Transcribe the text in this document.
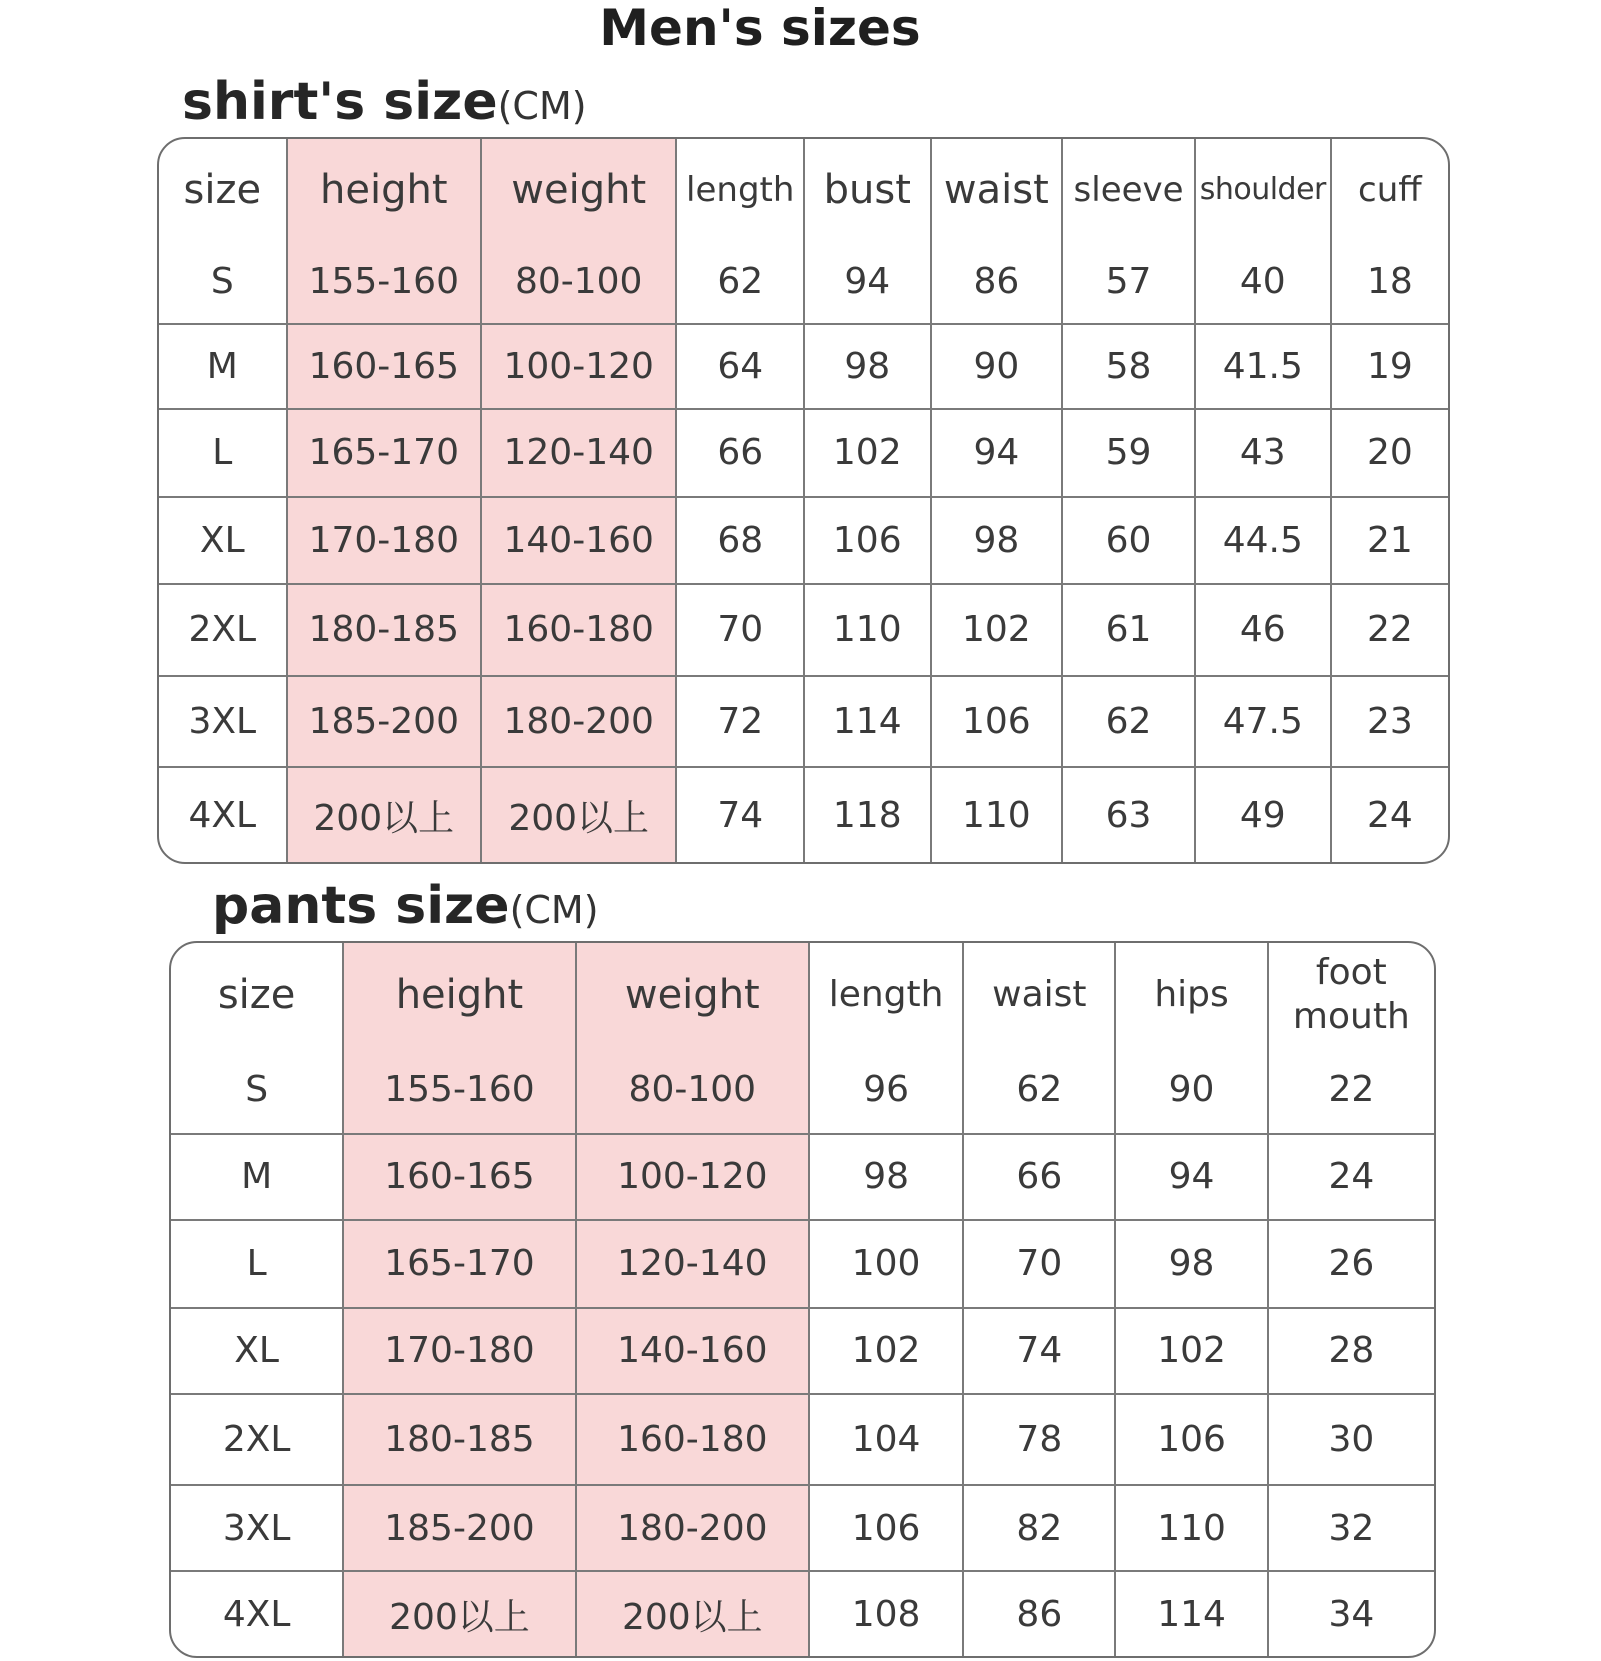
Men's sizes
shirt's size(CM)
size	height	weight	length	bust	waist	sleeve	shoulder	cuff
S	155-160	80-100	62	94	86	57	40	18
M	160-165	100-120	64	98	90	58	41.5	19
L	165-170	120-140	66	102	94	59	43	20
XL	170-180	140-160	68	106	98	60	44.5	21
2XL	180-185	160-180	70	110	102	61	46	22
3XL	185-200	180-200	72	114	106	62	47.5	23
4XL	200以上	200以上	74	118	110	63	49	24
pants size(CM)
size	height	weight	length	waist	hips	foot mouth
S	155-160	80-100	96	62	90	22
M	160-165	100-120	98	66	94	24
L	165-170	120-140	100	70	98	26
XL	170-180	140-160	102	74	102	28
2XL	180-185	160-180	104	78	106	30
3XL	185-200	180-200	106	82	110	32
4XL	200以上	200以上	108	86	114	34
